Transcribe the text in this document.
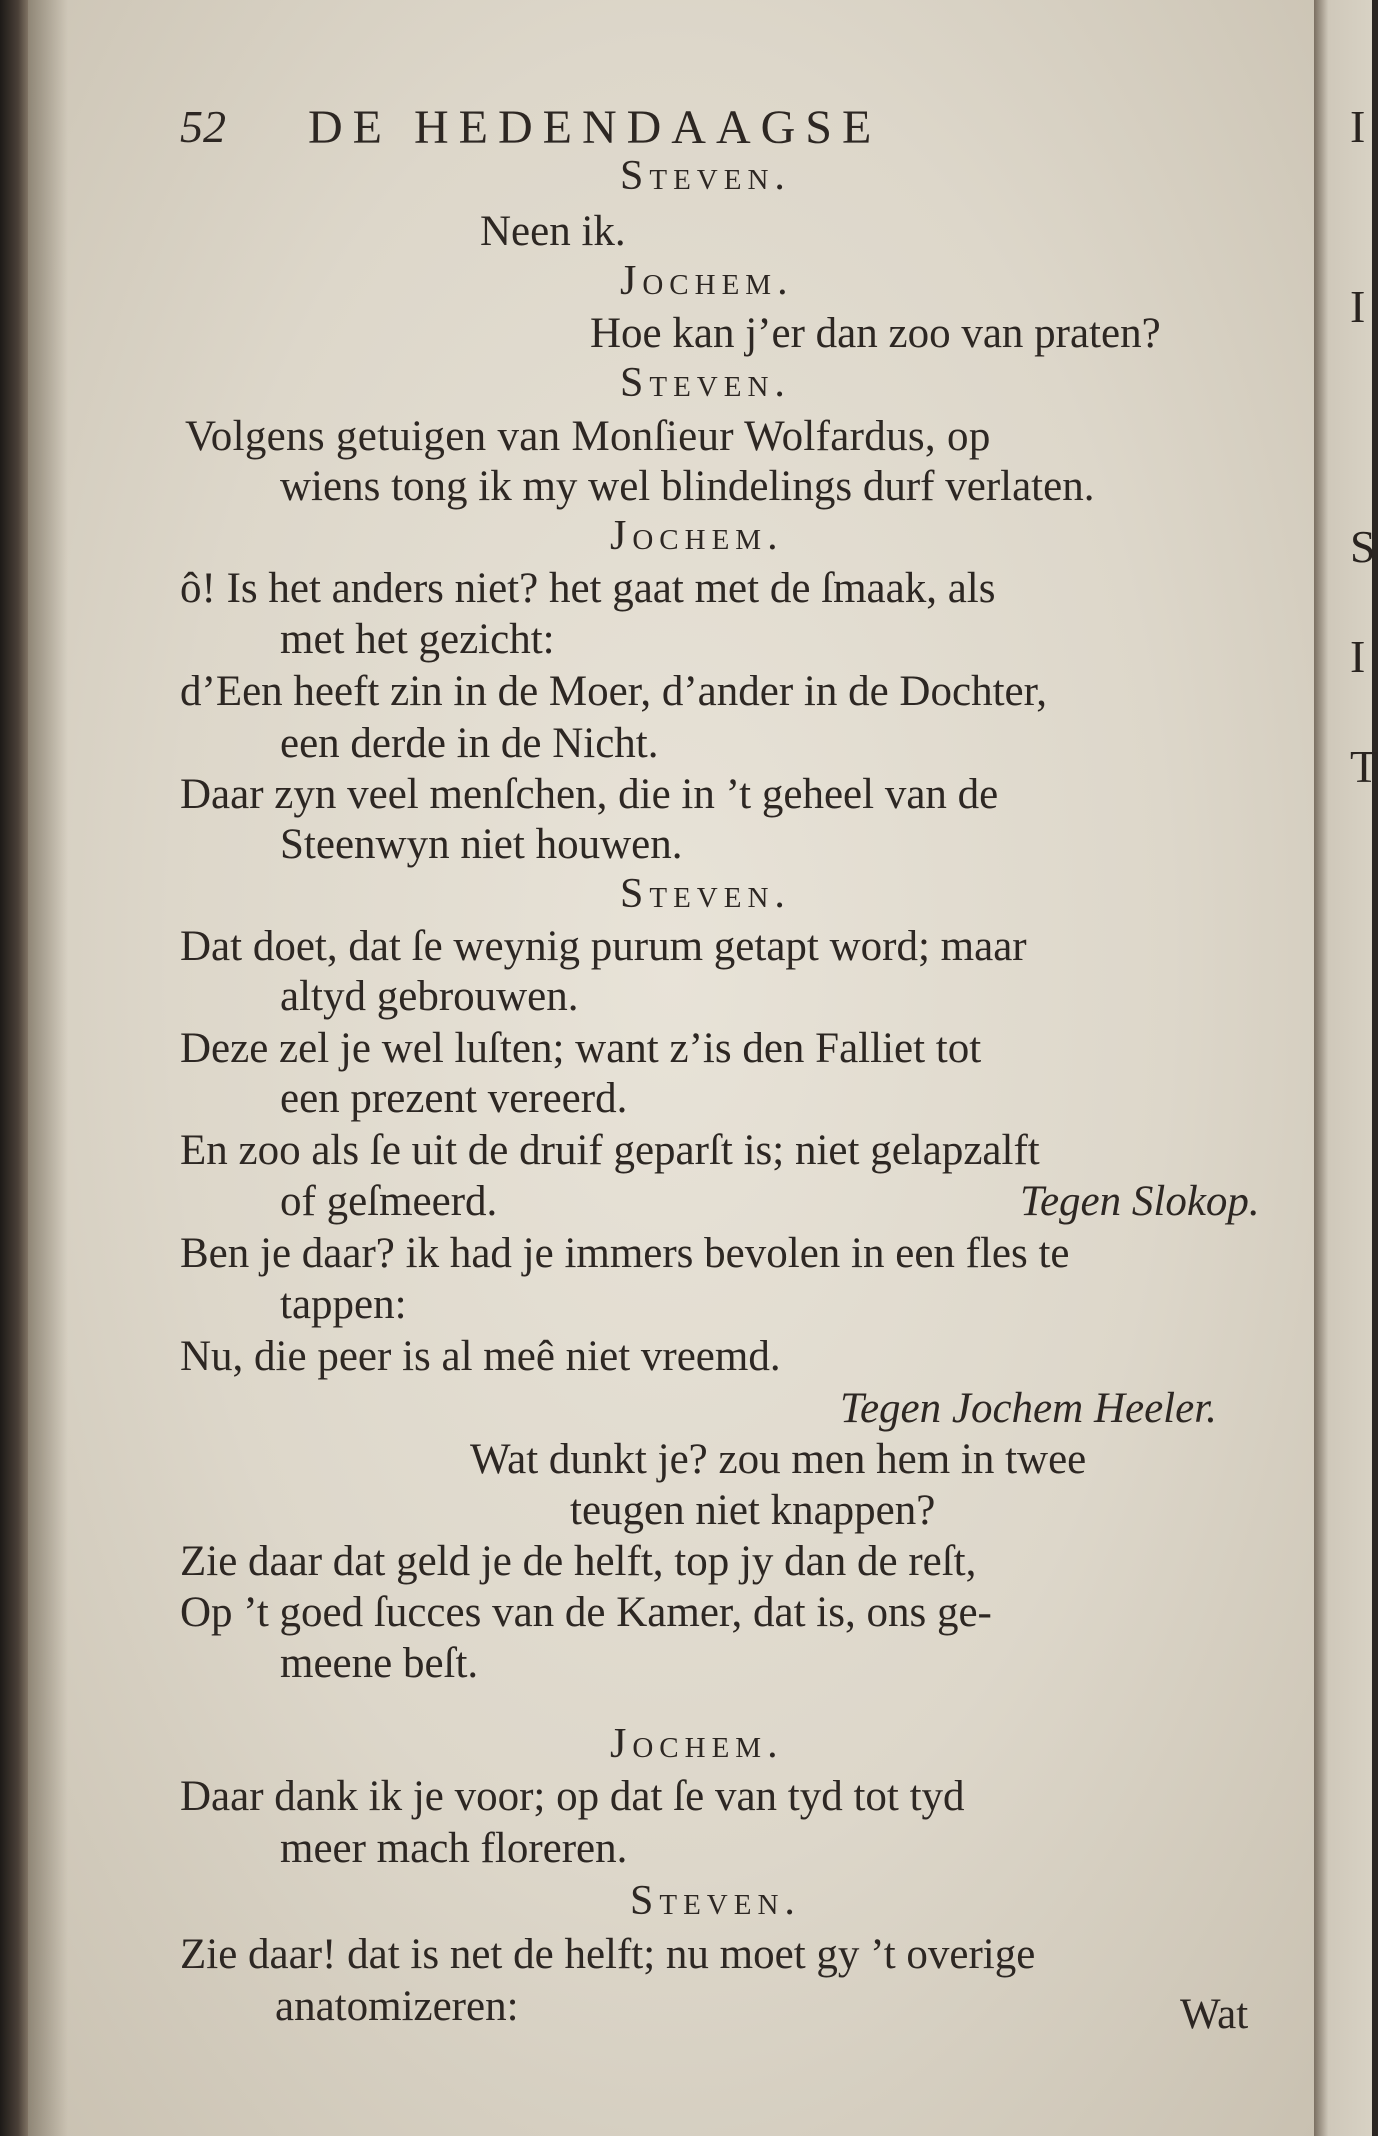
I
I
S
I
T
52 DE HEDENDAAGSE
Steven.
Neen ik.
Jochem.
Hoe kan j’er dan zoo van praten?
Steven.
Volgens getuigen van Monſieur Wolfardus, op
wiens tong ik my wel blindelings durf verlaten.
Jochem.
ô! Is het anders niet? het gaat met de ſmaak, als
met het gezicht:
d’Een heeft zin in de Moer, d’ander in de Dochter,
een derde in de Nicht.
Daar zyn veel menſchen, die in ’t geheel van de
Steenwyn niet houwen.
Steven.
Dat doet, dat ſe weynig purum getapt word; maar
altyd gebrouwen.
Deze zel je wel luſten; want z’is den Falliet tot
een prezent vereerd.
En zoo als ſe uit de druif geparſt is; niet gelapzalft
of geſmeerd.	Tegen Slokop.
Ben je daar? ik had je immers bevolen in een fles te
tappen:
Nu, die peer is al meê niet vreemd.
Tegen Jochem Heeler.
Wat dunkt je? zou men hem in twee
teugen niet knappen?
Zie daar dat geld je de helft, top jy dan de reſt,
Op ’t goed ſucces van de Kamer, dat is, ons ge-
meene beſt.
Jochem.
Daar dank ik je voor; op dat ſe van tyd tot tyd
meer mach floreren.
Steven.
Zie daar! dat is net de helft; nu moet gy ’t overige
anatomizeren:	Wat
